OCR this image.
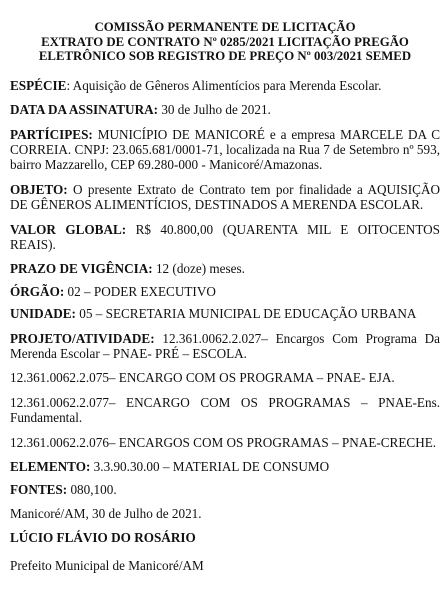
COMISSÃO PERMANENTE DE LICITAÇÃO
EXTRATO DE CONTRATO Nº 0285/2021 LICITAÇÃO PREGÃO
ELETRÔNICO SOB REGISTRO DE PREÇO Nº 003/2021 SEMED

ESPÉCIE: Aquisição de Gêneros Alimentícios para Merenda Escolar.

DATA DA ASSINATURA: 30 de Julho de 2021.

PARTÍCIPES: MUNICÍPIO DE MANICORÉ e a empresa MARCELE DA C CORREIA. CNPJ: 23.065.681/0001-71, localizada na Rua 7 de Setembro nº 593, bairro Mazzarello, CEP 69.280-000 - Manicoré/Amazonas.

OBJETO: O presente Extrato de Contrato tem por finalidade a AQUISIÇÃO DE GÊNEROS ALIMENTÍCIOS, DESTINADOS A MERENDA ESCOLAR.

VALOR GLOBAL: R$ 40.800,00 (QUARENTA MIL E OITOCENTOS REAIS).

PRAZO DE VIGÊNCIA: 12 (doze) meses.

ÓRGÃO: 02 – PODER EXECUTIVO

UNIDADE: 05 – SECRETARIA MUNICIPAL DE EDUCAÇÃO URBANA

PROJETO/ATIVIDADE: 12.361.0062.2.027– Encargos Com Programa Da Merenda Escolar – PNAE- PRÉ – ESCOLA.

12.361.0062.2.075– ENCARGO COM OS PROGRAMA – PNAE- EJA.

12.361.0062.2.077– ENCARGO COM OS PROGRAMAS – PNAE-Ens. Fundamental.

12.361.0062.2.076– ENCARGOS COM OS PROGRAMAS – PNAE-CRECHE.

ELEMENTO: 3.3.90.30.00 – MATERIAL DE CONSUMO

FONTES: 080,100.

Manicoré/AM, 30 de Julho de 2021.

LÚCIO FLÁVIO DO ROSÁRIO

Prefeito Municipal de Manicoré/AM
